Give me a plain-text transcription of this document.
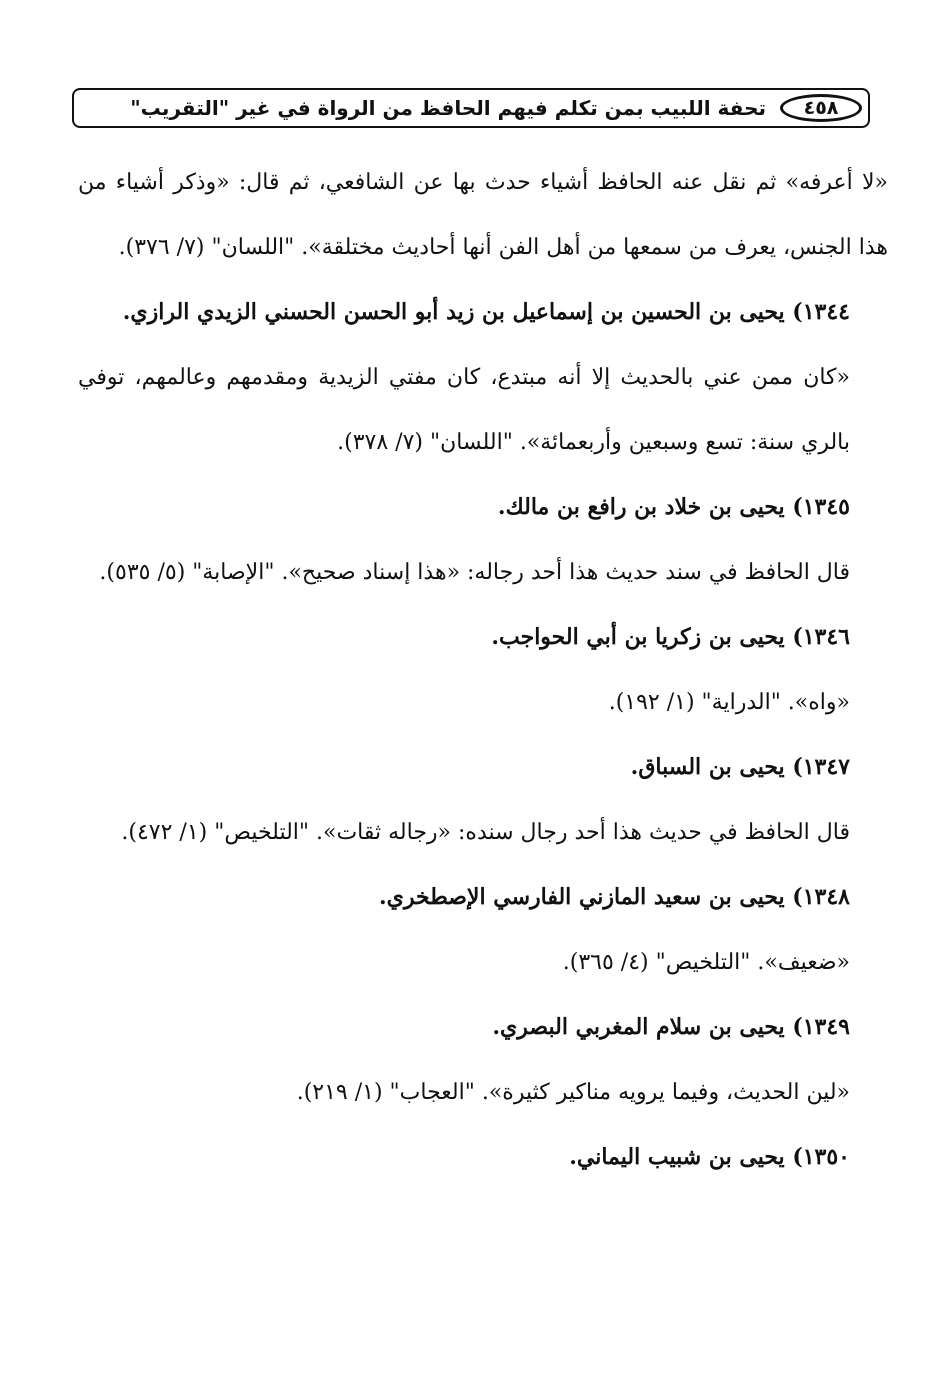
تحفة اللبيب بمن تكلم فيهم الحافظ من الرواة في غير "التقريب"	٤٥٨

«لا أعرفه» ثم نقل عنه الحافظ أشياء حدث بها عن الشافعي، ثم قال: «وذكر أشياء من هذا الجنس، يعرف من سمعها من أهل الفن أنها أحاديث مختلقة». "اللسان" (٧/ ٣٧٦).

١٣٤٤) يحيى بن الحسين بن إسماعيل بن زيد أبو الحسن الحسني الزيدي الرازي.

«كان ممن عني بالحديث إلا أنه مبتدع، كان مفتي الزيدية ومقدمهم وعالمهم، توفي بالري سنة: تسع وسبعين وأربعمائة». "اللسان" (٧/ ٣٧٨).

١٣٤٥) يحيى بن خلاد بن رافع بن مالك.

قال الحافظ في سند حديث هذا أحد رجاله: «هذا إسناد صحيح». "الإصابة" (٥/ ٥٣٥).

١٣٤٦) يحيى بن زكريا بن أبي الحواجب.

«واه». "الدراية" (١/ ١٩٢).

١٣٤٧) يحيى بن السباق.

قال الحافظ في حديث هذا أحد رجال سنده: «رجاله ثقات». "التلخيص" (١/ ٤٧٢).

١٣٤٨) يحيى بن سعيد المازني الفارسي الإصطخري.

«ضعيف». "التلخيص" (٤/ ٣٦٥).

١٣٤٩) يحيى بن سلام المغربي البصري.

«لين الحديث، وفيما يرويه مناكير كثيرة». "العجاب" (١/ ٢١٩).

١٣٥٠) يحيى بن شبيب اليماني.
